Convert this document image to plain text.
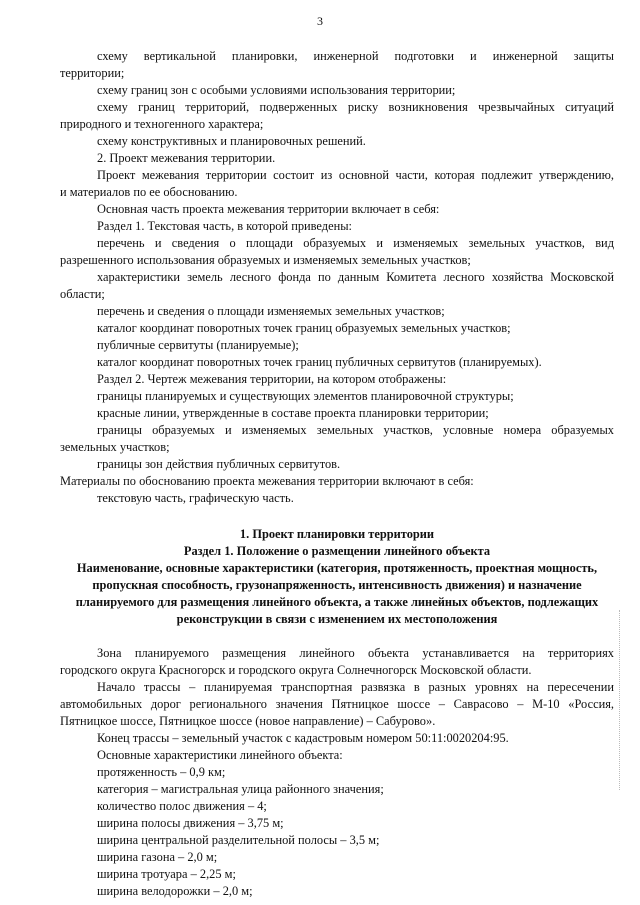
3
схему вертикальной планировки, инженерной подготовки и инженерной защиты
территории;
схему границ зон с особыми условиями использования территории;
схему границ территорий, подверженных риску возникновения чрезвычайных ситуаций
природного и техногенного характера;
схему конструктивных и планировочных решений.
2. Проект межевания территории.
Проект межевания территории состоит из основной части, которая подлежит утверждению,
и материалов по ее обоснованию.
Основная часть проекта межевания территории включает в себя:
Раздел 1. Текстовая часть, в которой приведены:
перечень и сведения о площади образуемых и изменяемых земельных участков, вид
разрешенного использования образуемых и изменяемых земельных участков;
характеристики земель лесного фонда по данным Комитета лесного хозяйства Московской
области;
перечень и сведения о площади изменяемых земельных участков;
каталог координат поворотных точек границ образуемых земельных участков;
публичные сервитуты (планируемые);
каталог координат поворотных точек границ публичных сервитутов (планируемых).
Раздел 2. Чертеж межевания территории, на котором отображены:
границы планируемых и существующих элементов планировочной структуры;
красные линии, утвержденные в составе проекта планировки территории;
границы образуемых и изменяемых земельных участков, условные номера образуемых
земельных участков;
границы зон действия публичных сервитутов.
Материалы по обоснованию проекта межевания территории включают в себя:
текстовую часть, графическую часть.
1. Проект планировки территории
Раздел 1. Положение о размещении линейного объекта
Наименование, основные характеристики (категория, протяженность, проектная мощность,
пропускная способность, грузонапряженность, интенсивность движения) и назначение
планируемого для размещения линейного объекта, а также линейных объектов, подлежащих
реконструкции в связи с изменением их местоположения
Зона планируемого размещения линейного объекта устанавливается на территориях
городского округа Красногорск и городского округа Солнечногорск Московской области.
Начало трассы – планируемая транспортная развязка в разных уровнях на пересечении
автомобильных дорог регионального значения Пятницкое шоссе – Саврасово – М-10 «Россия,
Пятницкое шоссе, Пятницкое шоссе (новое направление) – Сабурово».
Конец трассы – земельный участок с кадастровым номером 50:11:0020204:95.
Основные характеристики линейного объекта:
протяженность – 0,9 км;
категория – магистральная улица районного значения;
количество полос движения – 4;
ширина полосы движения – 3,75 м;
ширина центральной разделительной полосы – 3,5 м;
ширина газона – 2,0 м;
ширина тротуара – 2,25 м;
ширина велодорожки – 2,0 м;
